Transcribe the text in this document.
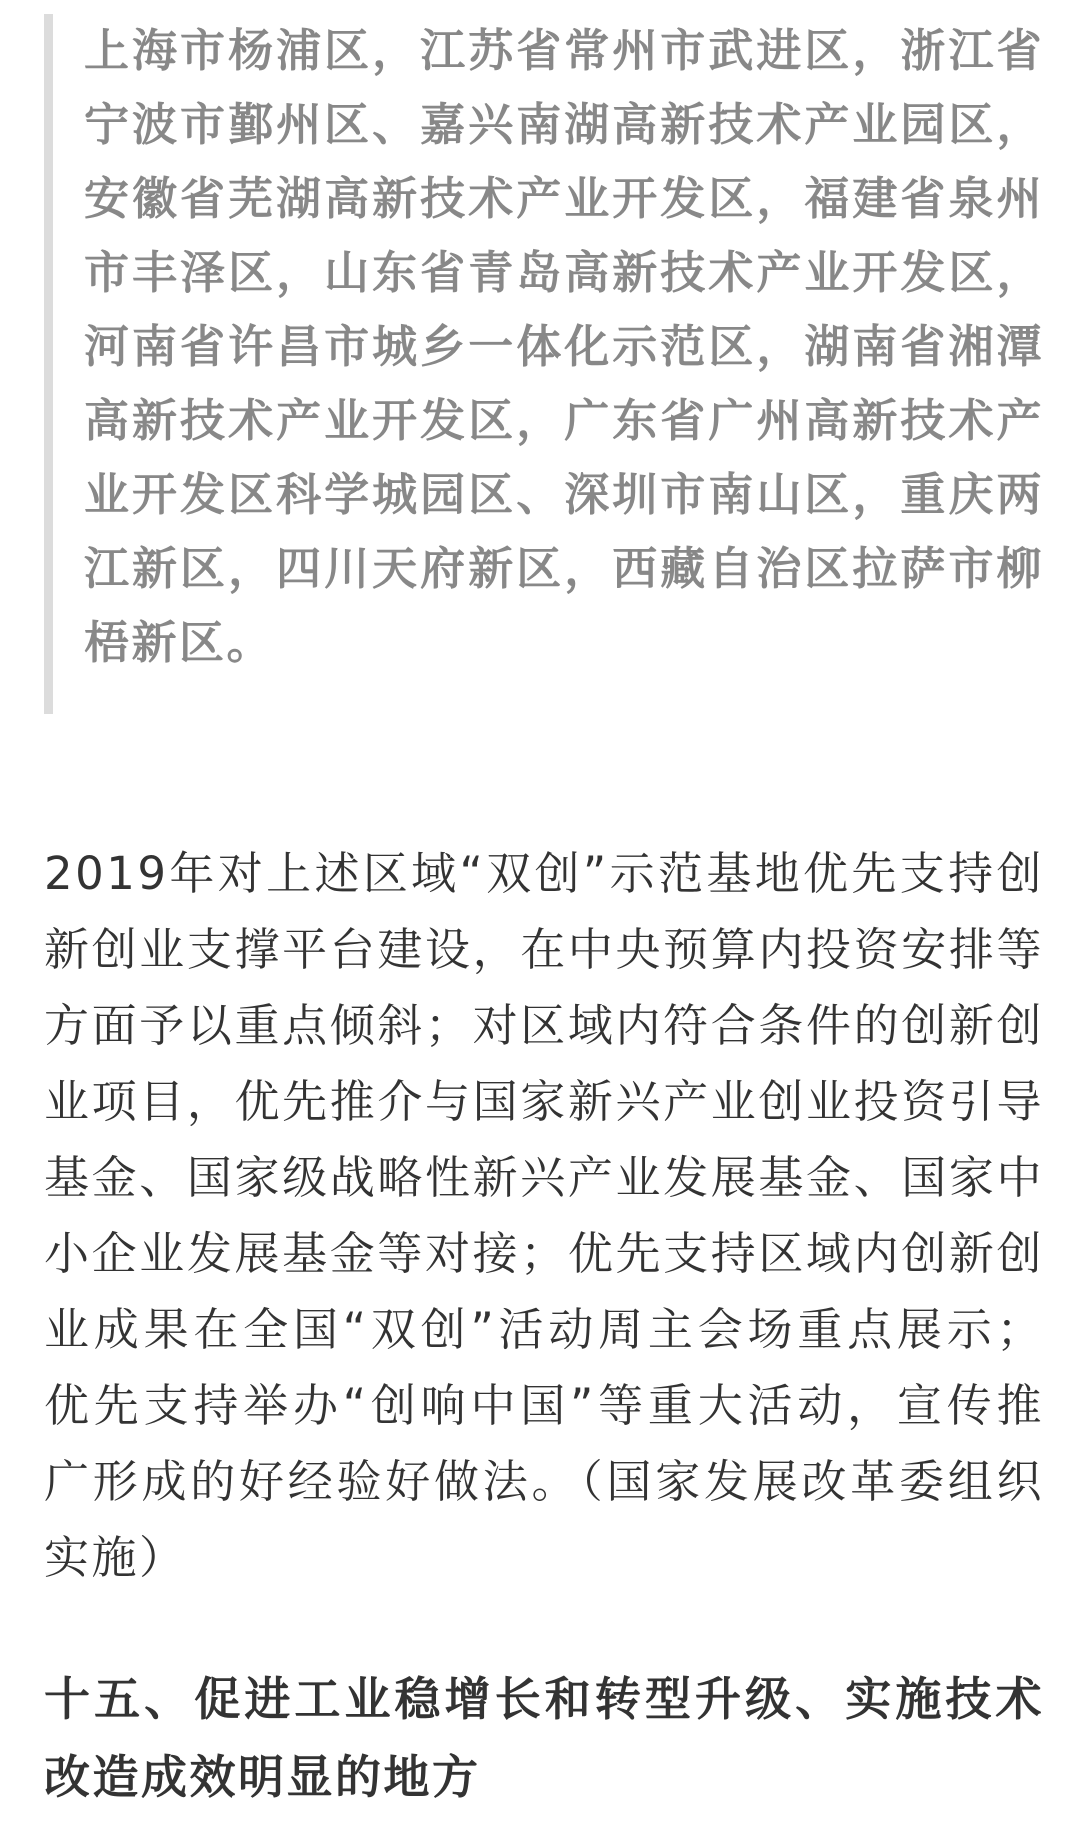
上海市杨浦区，江苏省常州市武进区，浙江省宁波市鄞州区、嘉兴南湖高新技术产业园区，安徽省芜湖高新技术产业开发区，福建省泉州市丰泽区，山东省青岛高新技术产业开发区，河南省许昌市城乡一体化示范区，湖南省湘潭高新技术产业开发区，广东省广州高新技术产业开发区科学城园区、深圳市南山区，重庆两江新区，四川天府新区，西藏自治区拉萨市柳梧新区。

2019年对上述区域“双创”示范基地优先支持创新创业支撑平台建设，在中央预算内投资安排等方面予以重点倾斜；对区域内符合条件的创新创业项目，优先推介与国家新兴产业创业投资引导基金、国家级战略性新兴产业发展基金、国家中小企业发展基金等对接；优先支持区域内创新创业成果在全国“双创”活动周主会场重点展示；优先支持举办“创响中国”等重大活动，宣传推广形成的好经验好做法。（国家发展改革委组织实施）

十五、促进工业稳增长和转型升级、实施技术改造成效明显的地方
